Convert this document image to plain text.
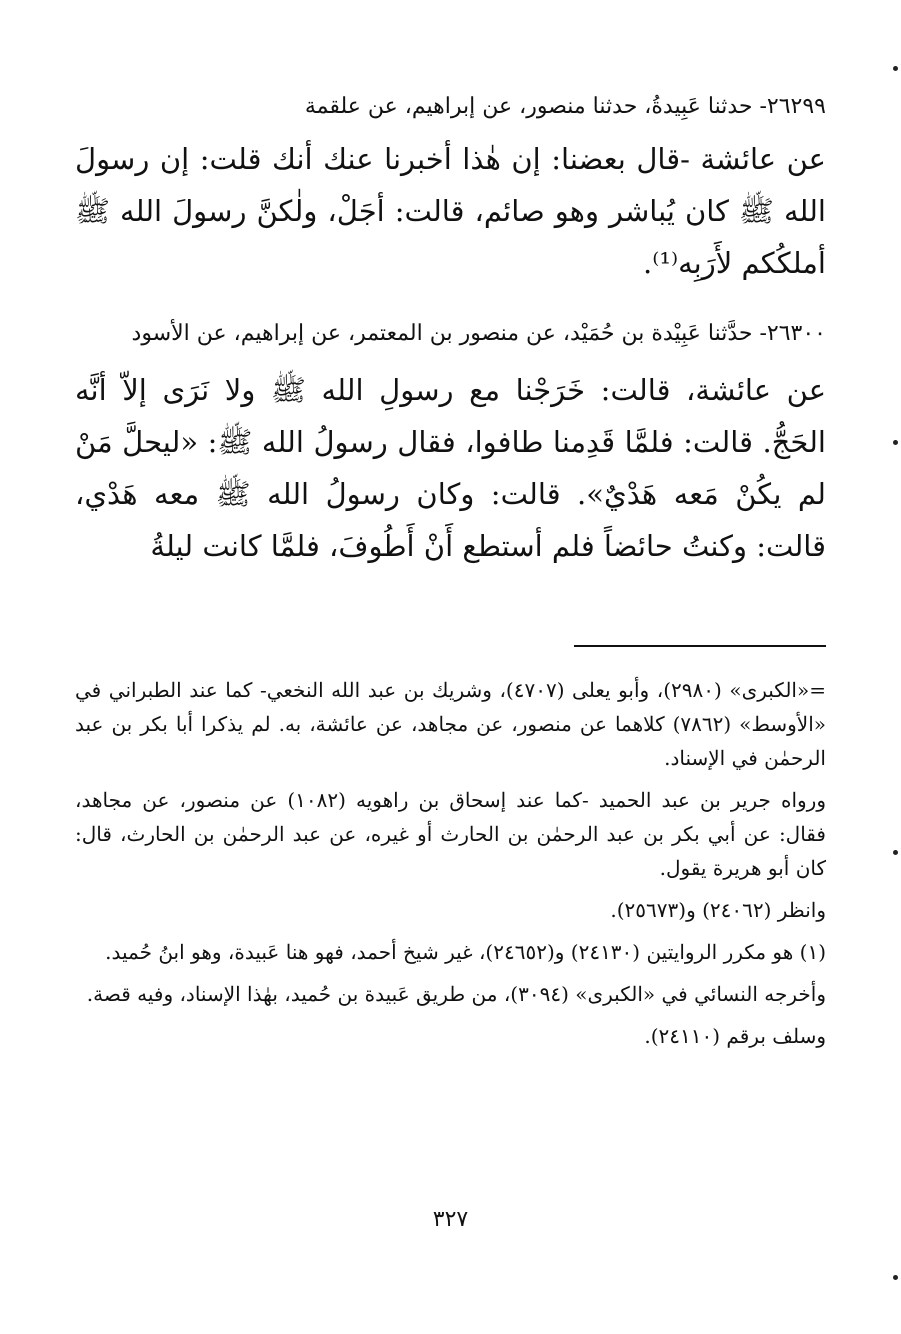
٢٦٢٩٩- حدثنا عَبِيدةُ، حدثنا منصور، عن إبراهيم، عن علقمة

عن عائشة -قال بعضنا: إن هٰذا أخبرنا عنك أنك قلت: إن رسولَ الله ﷺ كان يُباشر وهو صائم، قالت: أجَلْ، ولٰكنَّ رسولَ الله ﷺ أملكُكم لأَرَبِه⁽¹⁾.

٢٦٣٠٠- حدَّثنا عَبِيْدة بن حُمَيْد، عن منصور بن المعتمر، عن إبراهيم، عن الأسود

عن عائشة، قالت: خَرَجْنا مع رسولِ الله ﷺ ولا نَرَى إلاّ أنَّه الحَجُّ. قالت: فلمَّا قَدِمنا طافوا، فقال رسولُ الله ﷺ: «ليحلَّ مَنْ لم يكُنْ مَعه هَدْيٌ». قالت: وكان رسولُ الله ﷺ معه هَدْي، قالت: وكنتُ حائضاً فلم أستطع أَنْ أَطُوفَ، فلمَّا كانت ليلةُ

=«الكبرى» (٢٩٨٠)، وأبو يعلى (٤٧٠٧)، وشريك بن عبد الله النخعي- كما عند الطبراني في «الأوسط» (٧٨٦٢) كلاهما عن منصور، عن مجاهد، عن عائشة، به. لم يذكرا أبا بكر بن عبد الرحمٰن في الإسناد.

ورواه جرير بن عبد الحميد -كما عند إسحاق بن راهويه (١٠٨٢) عن منصور، عن مجاهد، فقال: عن أبي بكر بن عبد الرحمٰن بن الحارث أو غيره، عن عبد الرحمٰن بن الحارث، قال: كان أبو هريرة يقول.

وانظر (٢٤٠٦٢) و(٢٥٦٧٣).

(١) هو مكرر الروايتين (٢٤١٣٠) و(٢٤٦٥٢)، غير شيخ أحمد، فهو هنا عَبيدة، وهو ابنُ حُميد.

وأخرجه النسائي في «الكبرى» (٣٠٩٤)، من طريق عَبيدة بن حُميد، بهٰذا الإسناد، وفيه قصة.

وسلف برقم (٢٤١١٠).

٣٢٧
